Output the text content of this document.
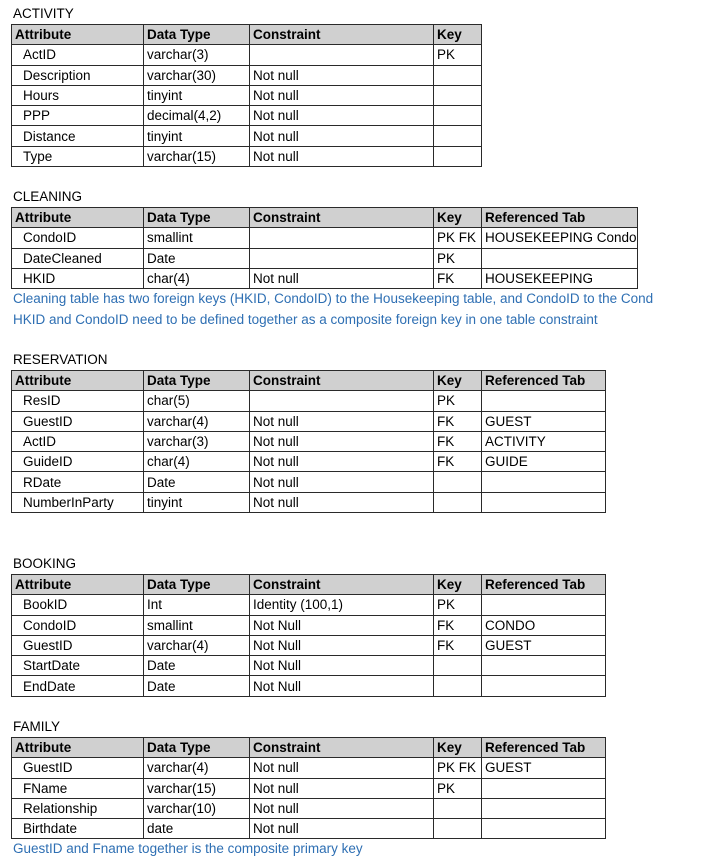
ACTIVITY
Attribute	Data Type	Constraint	Key
ActID	varchar(3)		PK
Description	varchar(30)	Not null	
Hours	tinyint	Not null	
PPP	decimal(4,2)	Not null	
Distance	tinyint	Not null	
Type	varchar(15)	Not null	
CLEANING
Attribute	Data Type	Constraint	Key	Referenced Tab
CondoID	smallint		PK FK	HOUSEKEEPING Condo
DateCleaned	Date		PK	
HKID	char(4)	Not null	FK	HOUSEKEEPING
Cleaning table has two foreign keys (HKID, CondoID) to the Housekeeping table, and CondoID to the Cond
HKID and CondoID need to be defined together as a composite foreign key in one table constraint
RESERVATION
Attribute	Data Type	Constraint	Key	Referenced Tab
ResID	char(5)		PK	
GuestID	varchar(4)	Not null	FK	GUEST
ActID	varchar(3)	Not null	FK	ACTIVITY
GuideID	char(4)	Not null	FK	GUIDE
RDate	Date	Not null		
NumberInParty	tinyint	Not null		
BOOKING
Attribute	Data Type	Constraint	Key	Referenced Tab
BookID	Int	Identity (100,1)	PK	
CondoID	smallint	Not Null	FK	CONDO
GuestID	varchar(4)	Not Null	FK	GUEST
StartDate	Date	Not Null		
EndDate	Date	Not Null		
FAMILY
Attribute	Data Type	Constraint	Key	Referenced Tab
GuestID	varchar(4)	Not null	PK FK	GUEST
FName	varchar(15)	Not null	PK	
Relationship	varchar(10)	Not null		
Birthdate	date	Not null		
GuestID and Fname together is the composite primary key
